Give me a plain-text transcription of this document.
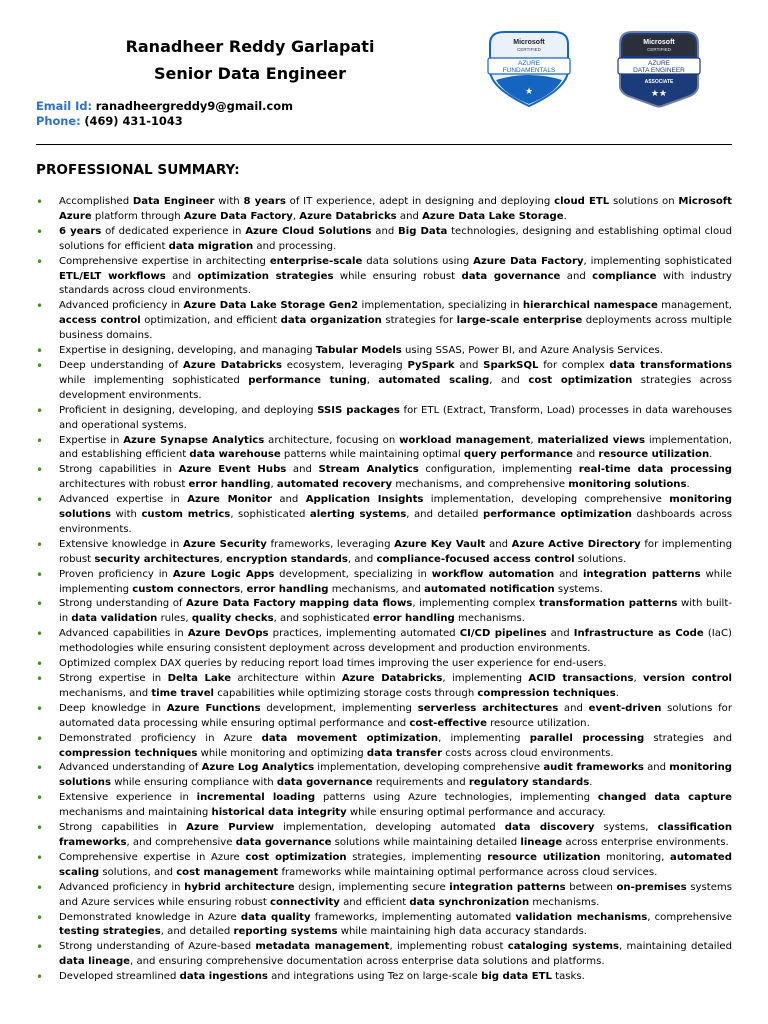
Ranadheer Reddy Garlapati
Senior Data Engineer
Email Id: ranadheergreddy9@gmail.com
Phone: (469) 431-1043
Microsoft
CERTIFIED
AZURE
FUNDAMENTALS
★
Microsoft
CERTIFIED
AZURE
DATA ENGINEER
ASSOCIATE
★★
PROFESSIONAL SUMMARY:
• Accomplished Data Engineer with 8 years of IT experience, adept in designing and deploying cloud ETL solutions on Microsoft Azure platform through Azure Data Factory, Azure Databricks and Azure Data Lake Storage.
• 6 years of dedicated experience in Azure Cloud Solutions and Big Data technologies, designing and establishing optimal cloud solutions for efficient data migration and processing.
• Comprehensive expertise in architecting enterprise-scale data solutions using Azure Data Factory, implementing sophisticated ETL/ELT workflows and optimization strategies while ensuring robust data governance and compliance with industry standards across cloud environments.
• Advanced proficiency in Azure Data Lake Storage Gen2 implementation, specializing in hierarchical namespace management, access control optimization, and efficient data organization strategies for large-scale enterprise deployments across multiple business domains.
• Expertise in designing, developing, and managing Tabular Models using SSAS, Power BI, and Azure Analysis Services.
• Deep understanding of Azure Databricks ecosystem, leveraging PySpark and SparkSQL for complex data transformations while implementing sophisticated performance tuning, automated scaling, and cost optimization strategies across development environments.
• Proficient in designing, developing, and deploying SSIS packages for ETL (Extract, Transform, Load) processes in data warehouses and operational systems.
• Expertise in Azure Synapse Analytics architecture, focusing on workload management, materialized views implementation, and establishing efficient data warehouse patterns while maintaining optimal query performance and resource utilization.
• Strong capabilities in Azure Event Hubs and Stream Analytics configuration, implementing real-time data processing architectures with robust error handling, automated recovery mechanisms, and comprehensive monitoring solutions.
• Advanced expertise in Azure Monitor and Application Insights implementation, developing comprehensive monitoring solutions with custom metrics, sophisticated alerting systems, and detailed performance optimization dashboards across environments.
• Extensive knowledge in Azure Security frameworks, leveraging Azure Key Vault and Azure Active Directory for implementing robust security architectures, encryption standards, and compliance-focused access control solutions.
• Proven proficiency in Azure Logic Apps development, specializing in workflow automation and integration patterns while implementing custom connectors, error handling mechanisms, and automated notification systems.
• Strong understanding of Azure Data Factory mapping data flows, implementing complex transformation patterns with built-in data validation rules, quality checks, and sophisticated error handling mechanisms.
• Advanced capabilities in Azure DevOps practices, implementing automated CI/CD pipelines and Infrastructure as Code (IaC) methodologies while ensuring consistent deployment across development and production environments.
• Optimized complex DAX queries by reducing report load times improving the user experience for end-users.
• Strong expertise in Delta Lake architecture within Azure Databricks, implementing ACID transactions, version control mechanisms, and time travel capabilities while optimizing storage costs through compression techniques.
• Deep knowledge in Azure Functions development, implementing serverless architectures and event-driven solutions for automated data processing while ensuring optimal performance and cost-effective resource utilization.
• Demonstrated proficiency in Azure data movement optimization, implementing parallel processing strategies and compression techniques while monitoring and optimizing data transfer costs across cloud environments.
• Advanced understanding of Azure Log Analytics implementation, developing comprehensive audit frameworks and monitoring solutions while ensuring compliance with data governance requirements and regulatory standards.
• Extensive experience in incremental loading patterns using Azure technologies, implementing changed data capture mechanisms and maintaining historical data integrity while ensuring optimal performance and accuracy.
• Strong capabilities in Azure Purview implementation, developing automated data discovery systems, classification frameworks, and comprehensive data governance solutions while maintaining detailed lineage across enterprise environments.
• Comprehensive expertise in Azure cost optimization strategies, implementing resource utilization monitoring, automated scaling solutions, and cost management frameworks while maintaining optimal performance across cloud services.
• Advanced proficiency in hybrid architecture design, implementing secure integration patterns between on-premises systems and Azure services while ensuring robust connectivity and efficient data synchronization mechanisms.
• Demonstrated knowledge in Azure data quality frameworks, implementing automated validation mechanisms, comprehensive testing strategies, and detailed reporting systems while maintaining high data accuracy standards.
• Strong understanding of Azure-based metadata management, implementing robust cataloging systems, maintaining detailed data lineage, and ensuring comprehensive documentation across enterprise data solutions and platforms.
• Developed streamlined data ingestions and integrations using Tez on large-scale big data ETL tasks.
